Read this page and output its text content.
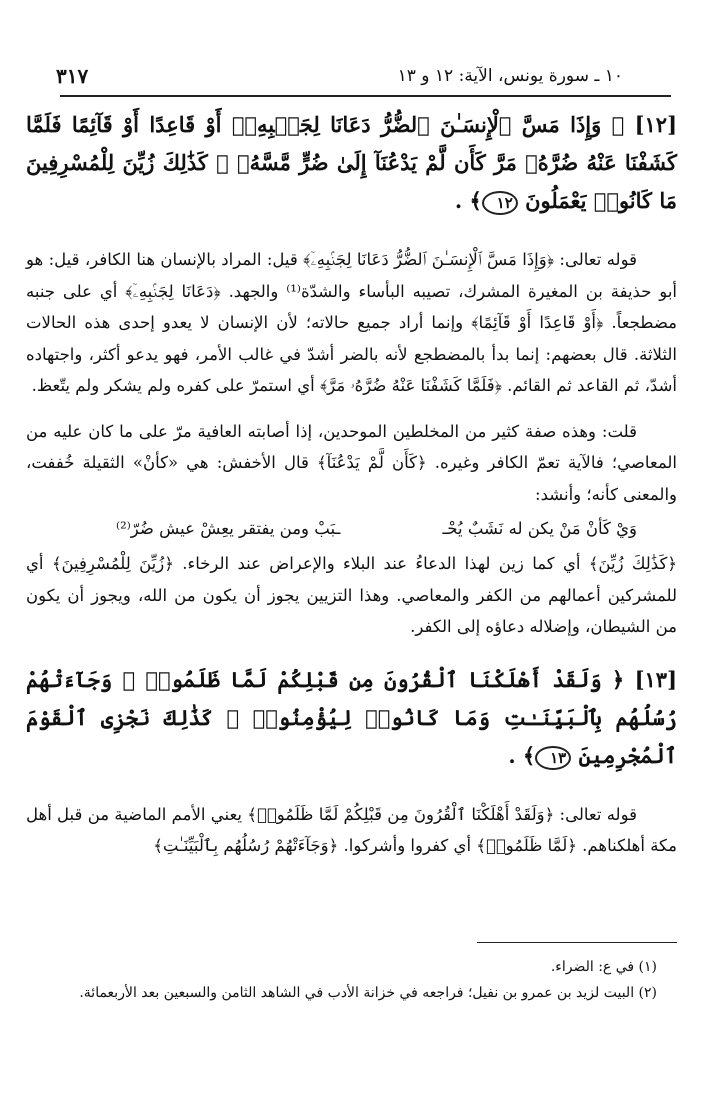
١٠ ـ سورة يونس، الآية: ١٢ و ١٣
٣١٧

[١٢] ﴿ وَإِذَا مَسَّ ٱلْإِنسَـٰنَ ٱلضُّرُّ دَعَانَا لِجَنۢبِهِۦٓ أَوْ قَاعِدًا أَوْ قَآئِمًا فَلَمَّا كَشَفْنَا عَنْهُ ضُرَّهُۥ مَرَّ كَأَن لَّمْ يَدْعُنَآ إِلَىٰ ضُرٍّ مَّسَّهُۥ ۚ كَذَٰلِكَ زُيِّنَ لِلْمُسْرِفِينَ مَا كَانُوا۟ يَعْمَلُونَ ١٢﴾ .

قوله تعالى: ﴿وَإِذَا مَسَّ ٱلْإِنسَـٰنَ ٱلضُّرُّ دَعَانَا لِجَنۢبِهِۦٓ﴾ قيل: المراد بالإنسان هنا الكافر، قيل: هو أبو حذيفة بن المغيرة المشرك، تصيبه البأساء والشدّة⁽¹⁾ والجهد. ﴿دَعَانَا لِجَنۢبِهِۦٓ﴾ أي على جنبه مضطجعاً. ﴿أَوْ قَاعِدًا أَوْ قَآئِمًا﴾ وإنما أراد جميع حالاته؛ لأن الإنسان لا يعدو إحدى هذه الحالات الثلاثة. قال بعضهم: إنما بدأ بالمضطجع لأنه بالضر أشدّ في غالب الأمر، فهو يدعو أكثر، واجتهاده أشدّ، ثم القاعد ثم القائم. ﴿فَلَمَّا كَشَفْنَا عَنْهُ ضُرَّهُۥ مَرَّ﴾ أي استمرّ على كفره ولم يشكر ولم يتّعظ.

قلت: وهذه صفة كثير من المخلطين الموحدين، إذا أصابته العافية مرّ على ما كان عليه من المعاصي؛ فالآية تعمّ الكافر وغيره. ﴿كَأَن لَّمْ يَدْعُنَآ﴾ قال الأخفش: هي «كأنْ» الثقيلة خُففت، والمعنى كأنه؛ وأنشد:

وَيْ كَأنْ مَنْ يكن له نَشَبٌ يُحْـ
ـبَبْ ومن يفتقر يعِشْ عيش ضُرّ⁽²⁾

﴿كَذَٰلِكَ زُيِّنَ﴾ أي كما زين لهذا الدعاءُ عند البلاء والإعراض عند الرخاء. ﴿زُيِّنَ لِلْمُسْرِفِينَ﴾ أي للمشركين أعمالهم من الكفر والمعاصي. وهذا التزيين يجوز أن يكون من الله، ويجوز أن يكون من الشيطان، وإضلاله دعاؤه إلى الكفر.

[١٣] ﴿ وَلَقَدْ أَهْلَكْنَا ٱلْقُرُونَ مِن قَبْلِكُمْ لَمَّا ظَلَمُوا۟ ۙ وَجَآءَتْهُمْ رُسُلُهُم بِٱلْبَيِّنَـٰتِ وَمَا كَانُوا۟ لِيُؤْمِنُوا۟ ۚ كَذَٰلِكَ نَجْزِى ٱلْقَوْمَ ٱلْمُجْرِمِينَ ١٣﴾ .

قوله تعالى: ﴿وَلَقَدْ أَهْلَكْنَا ٱلْقُرُونَ مِن قَبْلِكُمْ لَمَّا ظَلَمُوا۟﴾ يعني الأمم الماضية من قبل أهل مكة أهلكناهم. ﴿لَمَّا ظَلَمُوا۟﴾ أي كفروا وأشركوا. ﴿وَجَآءَتْهُمْ رُسُلُهُم بِٱلْبَيِّنَـٰتِ﴾

(١) في ع: الضراء.

(٢) البيت لزيد بن عمرو بن نفيل؛ فراجعه في خزانة الأدب في الشاهد الثامن والسبعين بعد الأربعمائة.
